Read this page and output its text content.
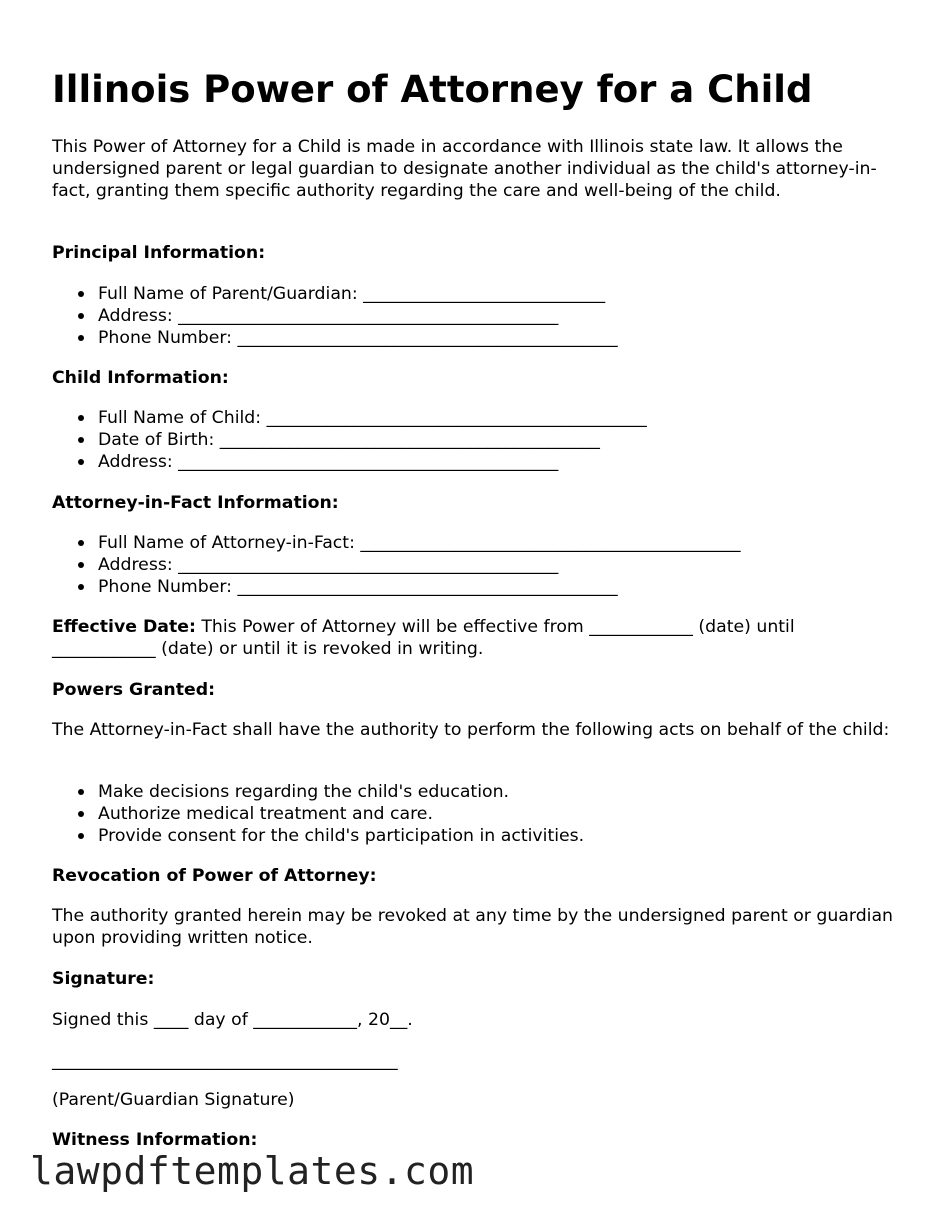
Illinois Power of Attorney for a Child
This Power of Attorney for a Child is made in accordance with Illinois state law. It allows the undersigned parent or legal guardian to designate another individual as the child's attorney-in-fact, granting them specific authority regarding the care and well-being of the child.
Principal Information:
Full Name of Parent/Guardian: ____________________________
Address: ____________________________________________
Phone Number: ____________________________________________
Child Information:
Full Name of Child: ____________________________________________
Date of Birth: ____________________________________________
Address: ____________________________________________
Attorney-in-Fact Information:
Full Name of Attorney-in-Fact: ____________________________________________
Address: ____________________________________________
Phone Number: ____________________________________________
Effective Date: This Power of Attorney will be effective from ____________ (date) until ____________ (date) or until it is revoked in writing.
Powers Granted:
The Attorney-in-Fact shall have the authority to perform the following acts on behalf of the child:
Make decisions regarding the child's education.
Authorize medical treatment and care.
Provide consent for the child's participation in activities.
Revocation of Power of Attorney:
The authority granted herein may be revoked at any time by the undersigned parent or guardian upon providing written notice.
Signature:
Signed this ____ day of ____________, 20__.
________________________________________
(Parent/Guardian Signature)
Witness Information:
lawpdftemplates.com
